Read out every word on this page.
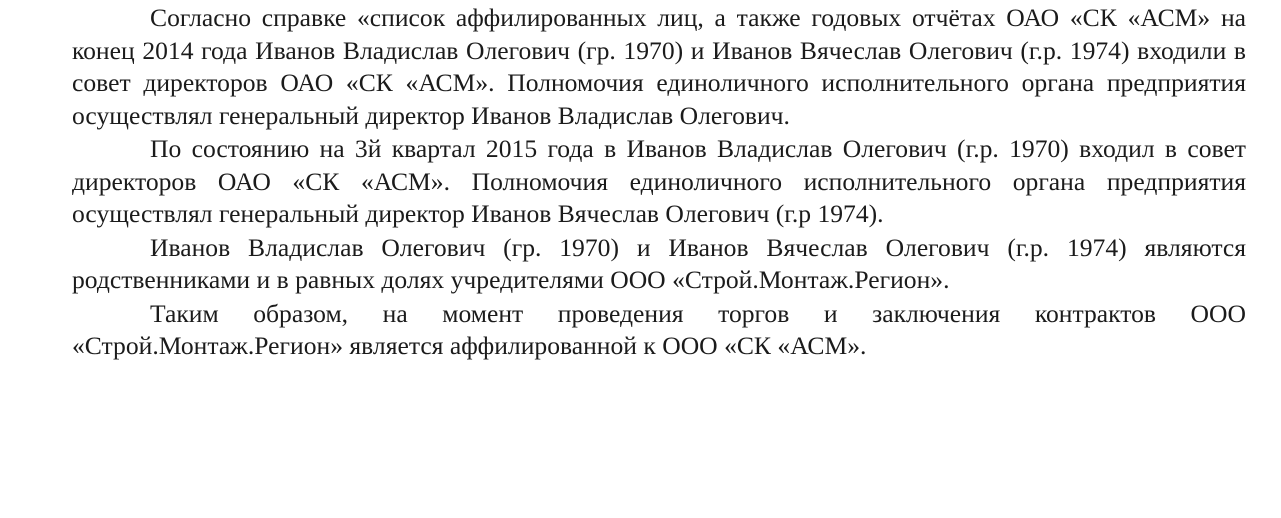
Согласно справке «список аффилированных лиц, а также годовых отчётах ОАО «СК «АСМ» на конец 2014 года Иванов Владислав Олегович (гр. 1970) и Иванов Вячеслав Олегович (г.р. 1974) входили в совет директоров ОАО «СК «АСМ». Полномочия единоличного исполнительного органа предприятия осуществлял генеральный директор Иванов Владислав Олегович.

По состоянию на 3й квартал 2015 года в Иванов Владислав Олегович (г.р. 1970) входил в совет директоров ОАО «СК «АСМ». Полномочия единоличного исполнительного органа предприятия осуществлял генеральный директор Иванов Вячеслав Олегович (г.р 1974).

Иванов Владислав Олегович (гр. 1970) и Иванов Вячеслав Олегович (г.р. 1974) являются родственниками и в равных долях учредителями ООО «Строй.Монтаж.Регион».

Таким образом, на момент проведения торгов и заключения контрактов ООО «Строй.Монтаж.Регион» является аффилированной к ООО «СК «АСМ».
